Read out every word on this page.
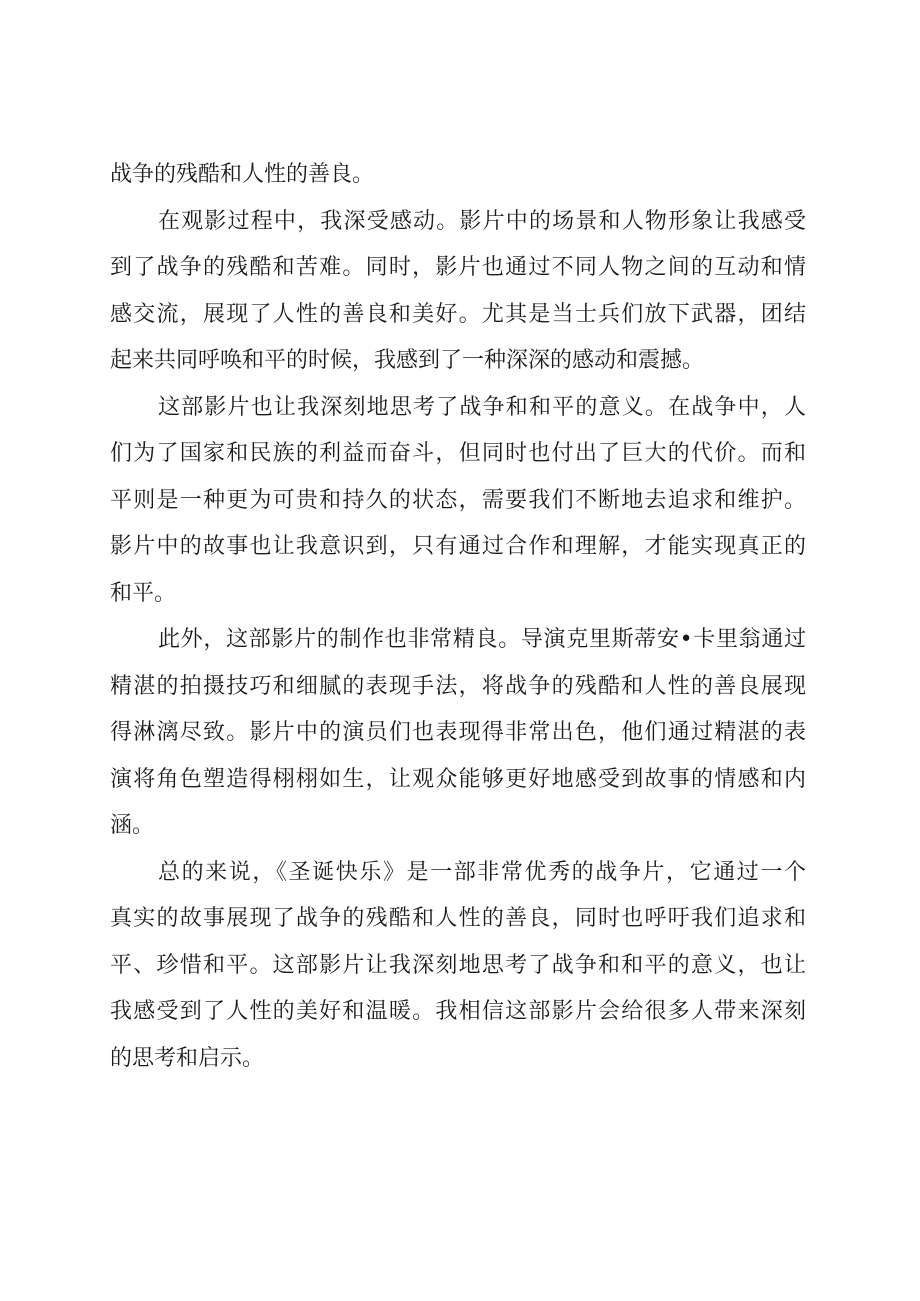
战争的残酷和人性的善良。
在观影过程中，我深受感动。影片中的场景和人物形象让我感受
到了战争的残酷和苦难。同时，影片也通过不同人物之间的互动和情
感交流，展现了人性的善良和美好。尤其是当士兵们放下武器，团结
起来共同呼唤和平的时候，我感到了一种深深的感动和震撼。
这部影片也让我深刻地思考了战争和和平的意义。在战争中，人
们为了国家和民族的利益而奋斗，但同时也付出了巨大的代价。而和
平则是一种更为可贵和持久的状态，需要我们不断地去追求和维护。
影片中的故事也让我意识到，只有通过合作和理解，才能实现真正的
和平。
此外，这部影片的制作也非常精良。导演克里斯蒂安•卡里翁通过
精湛的拍摄技巧和细腻的表现手法，将战争的残酷和人性的善良展现
得淋漓尽致。影片中的演员们也表现得非常出色，他们通过精湛的表
演将角色塑造得栩栩如生，让观众能够更好地感受到故事的情感和内
涵。
总的来说，《圣诞快乐》是一部非常优秀的战争片，它通过一个
真实的故事展现了战争的残酷和人性的善良，同时也呼吁我们追求和
平、珍惜和平。这部影片让我深刻地思考了战争和和平的意义，也让
我感受到了人性的美好和温暖。我相信这部影片会给很多人带来深刻
的思考和启示。
